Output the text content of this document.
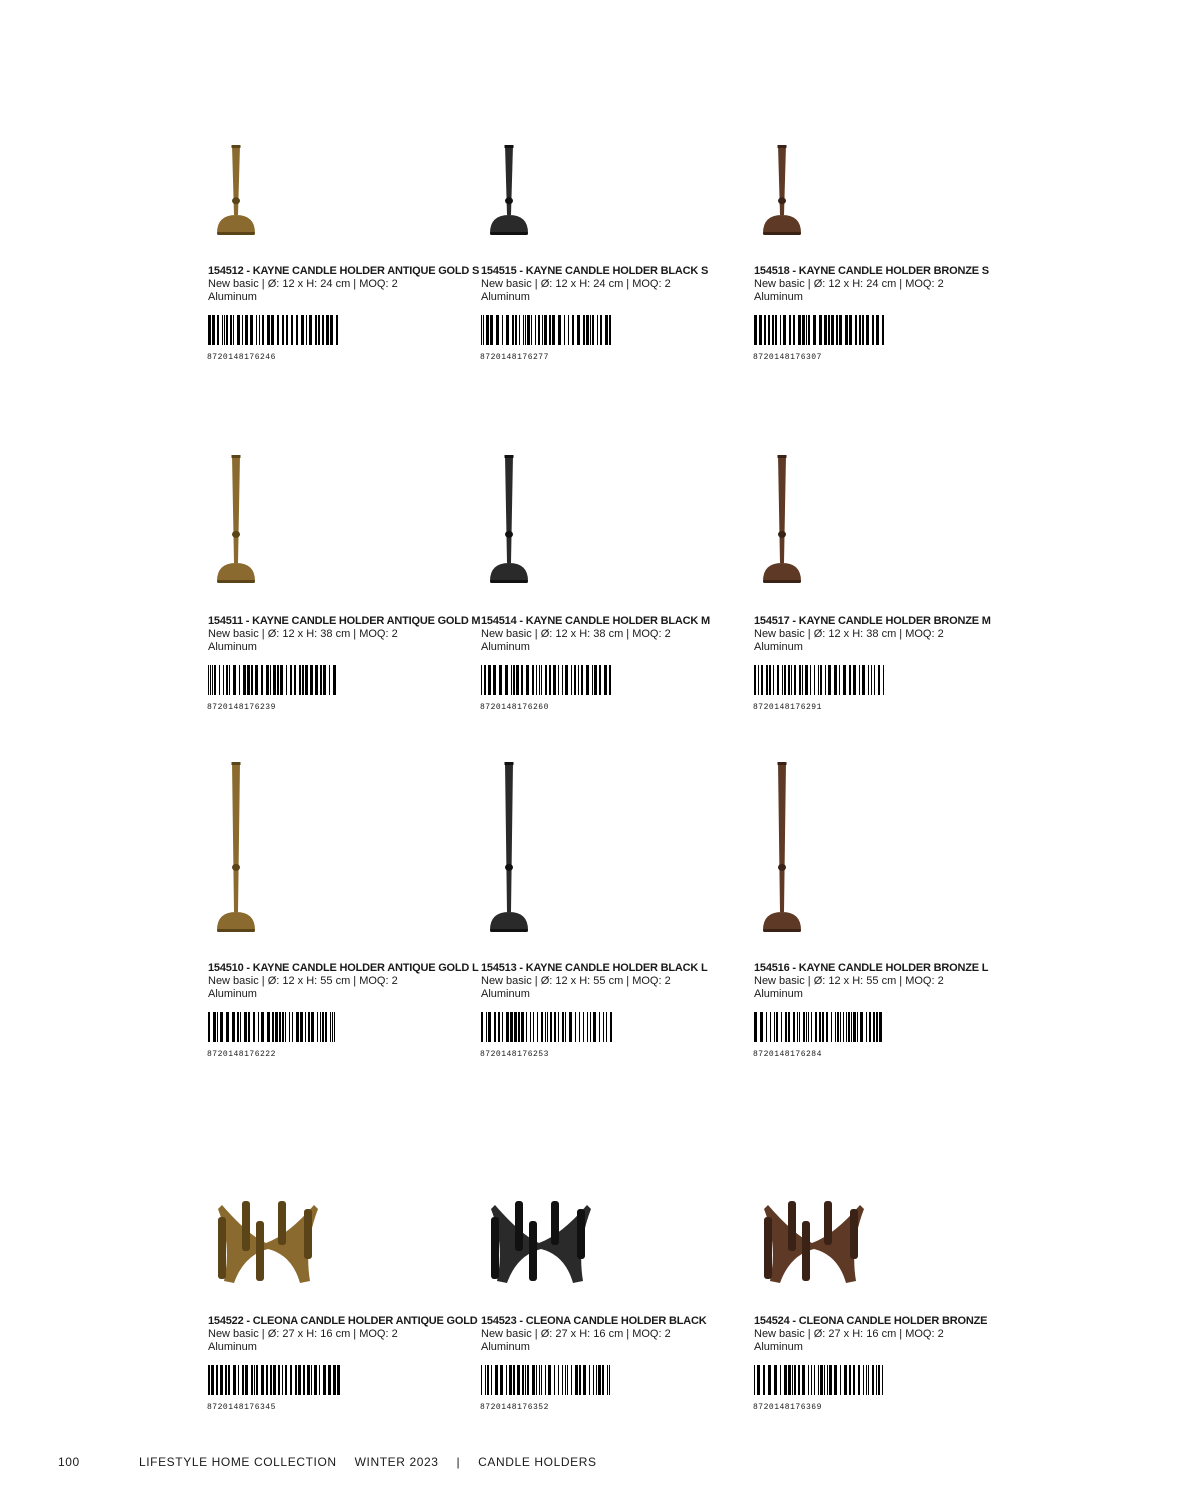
154512 - KAYNE CANDLE HOLDER ANTIQUE GOLD S
New basic | Ø: 12 x H: 24 cm | MOQ: 2
Aluminum
8720148176246
154515 - KAYNE CANDLE HOLDER BLACK S
New basic | Ø: 12 x H: 24 cm | MOQ: 2
Aluminum
8720148176277
154518 - KAYNE CANDLE HOLDER BRONZE S
New basic | Ø: 12 x H: 24 cm | MOQ: 2
Aluminum
8720148176307
154511 - KAYNE CANDLE HOLDER ANTIQUE GOLD M
New basic | Ø: 12 x H: 38 cm | MOQ: 2
Aluminum
8720148176239
154514 - KAYNE CANDLE HOLDER BLACK M
New basic | Ø: 12 x H: 38 cm | MOQ: 2
Aluminum
8720148176260
154517 - KAYNE CANDLE HOLDER BRONZE M
New basic | Ø: 12 x H: 38 cm | MOQ: 2
Aluminum
8720148176291
154510 - KAYNE CANDLE HOLDER ANTIQUE GOLD L
New basic | Ø: 12 x H: 55 cm | MOQ: 2
Aluminum
8720148176222
154513 - KAYNE CANDLE HOLDER BLACK L
New basic | Ø: 12 x H: 55 cm | MOQ: 2
Aluminum
8720148176253
154516 - KAYNE CANDLE HOLDER BRONZE L
New basic | Ø: 12 x H: 55 cm | MOQ: 2
Aluminum
8720148176284
154522 - CLEONA CANDLE HOLDER ANTIQUE GOLD
New basic | Ø: 27 x H: 16 cm | MOQ: 2
Aluminum
8720148176345
154523 - CLEONA CANDLE HOLDER BLACK
New basic | Ø: 27 x H: 16 cm | MOQ: 2
Aluminum
8720148176352
154524 - CLEONA CANDLE HOLDER BRONZE
New basic | Ø: 27 x H: 16 cm | MOQ: 2
Aluminum
8720148176369
100	LIFESTYLE HOME COLLECTION WINTER 2023 | CANDLE HOLDERS
